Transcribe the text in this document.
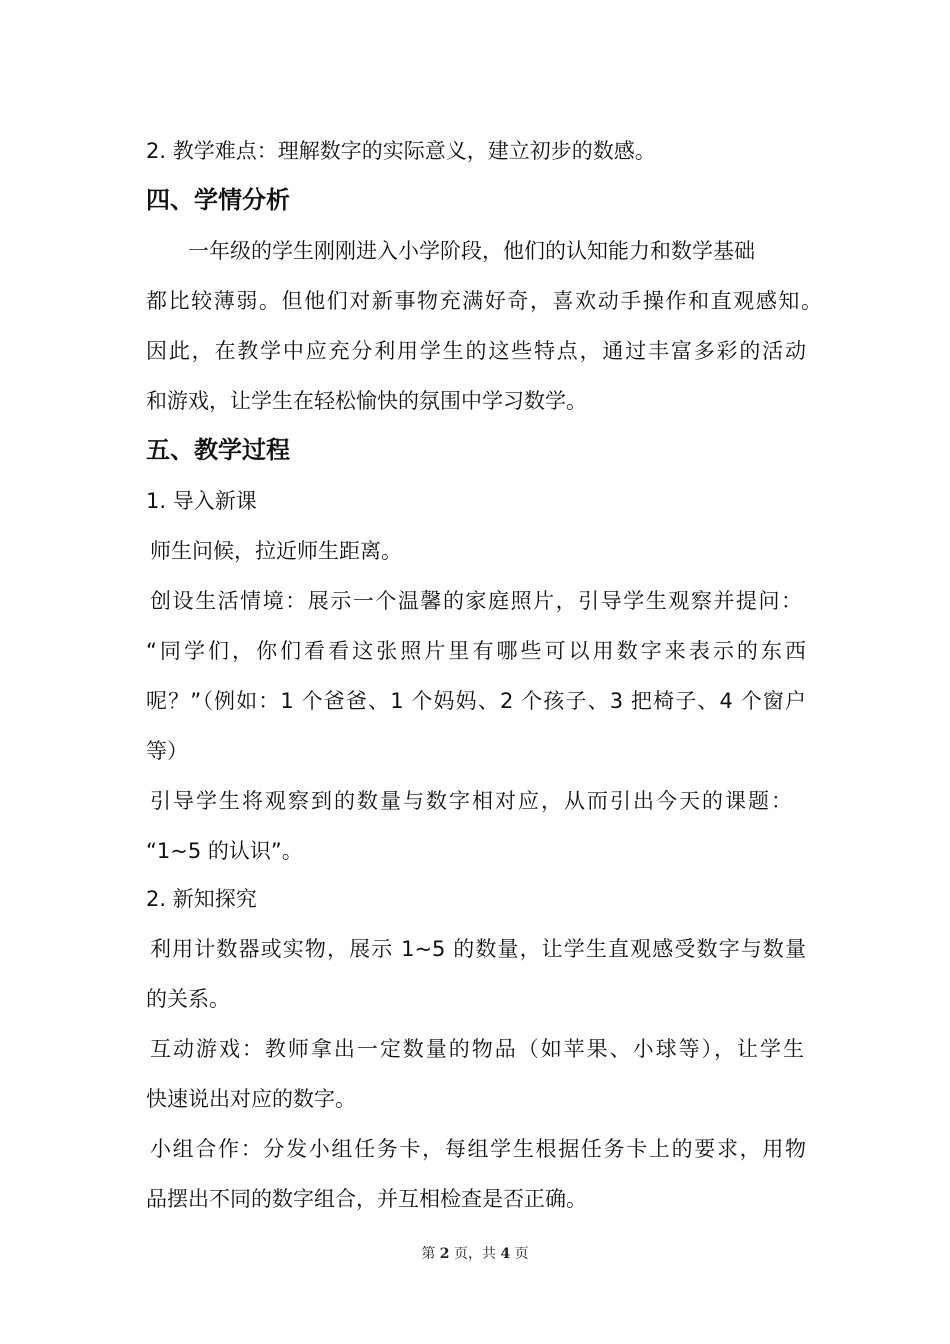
2. 教学难点：理解数字的实际意义，建立初步的数感。
四、学情分析
一年级的学生刚刚进入小学阶段，他们的认知能力和数学基础
都比较薄弱。但他们对新事物充满好奇，喜欢动手操作和直观感知。
因此，在教学中应充分利用学生的这些特点，通过丰富多彩的活动
和游戏，让学生在轻松愉快的氛围中学习数学。
五、教学过程
1. 导入新课
师生问候，拉近师生距离。
创设生活情境：展示一个温馨的家庭照片，引导学生观察并提问：
“同学们，你们看看这张照片里有哪些可以用数字来表示的东西
呢？”（例如：1 个爸爸、1 个妈妈、2 个孩子、3 把椅子、4 个窗户
等）
引导学生将观察到的数量与数字相对应，从而引出今天的课题：
“1~5 的认识”。
2. 新知探究
利用计数器或实物，展示 1~5 的数量，让学生直观感受数字与数量
的关系。
互动游戏：教师拿出一定数量的物品（如苹果、小球等），让学生
快速说出对应的数字。
小组合作：分发小组任务卡，每组学生根据任务卡上的要求，用物
品摆出不同的数字组合，并互相检查是否正确。
第 2 页，共 4 页
